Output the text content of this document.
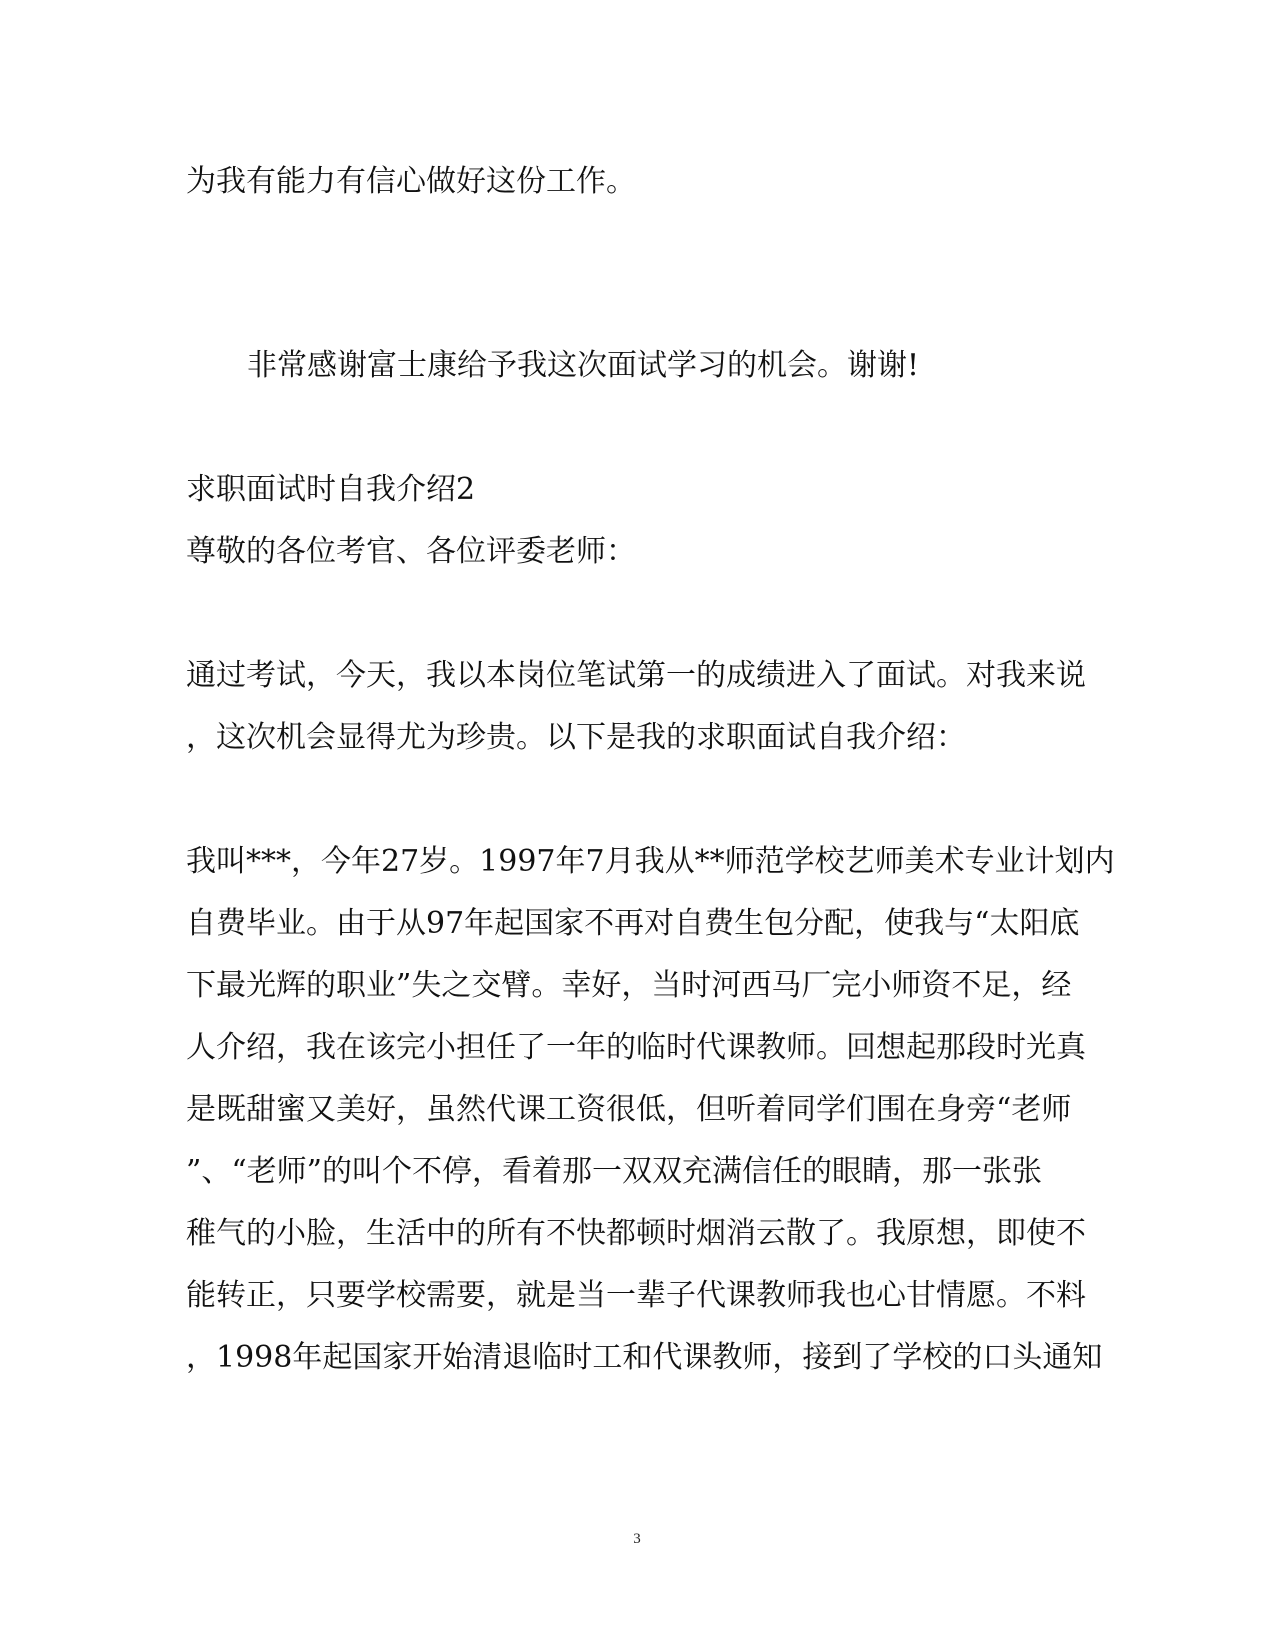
为我有能力有信心做好这份工作。
非常感谢富士康给予我这次面试学习的机会。谢谢!
求职面试时自我介绍2
尊敬的各位考官、各位评委老师：
通过考试，今天，我以本岗位笔试第一的成绩进入了面试。对我来说
，这次机会显得尤为珍贵。以下是我的求职面试自我介绍：
我叫***，今年27岁。1997年7月我从**师范学校艺师美术专业计划内
自费毕业。由于从97年起国家不再对自费生包分配，使我与“太阳底
下最光辉的职业”失之交臂。幸好，当时河西马厂完小师资不足，经
人介绍，我在该完小担任了一年的临时代课教师。回想起那段时光真
是既甜蜜又美好，虽然代课工资很低，但听着同学们围在身旁“老师
”、“老师”的叫个不停，看着那一双双充满信任的眼睛，那一张张
稚气的小脸，生活中的所有不快都顿时烟消云散了。我原想，即使不
能转正，只要学校需要，就是当一辈子代课教师我也心甘情愿。不料
，1998年起国家开始清退临时工和代课教师，接到了学校的口头通知
3
